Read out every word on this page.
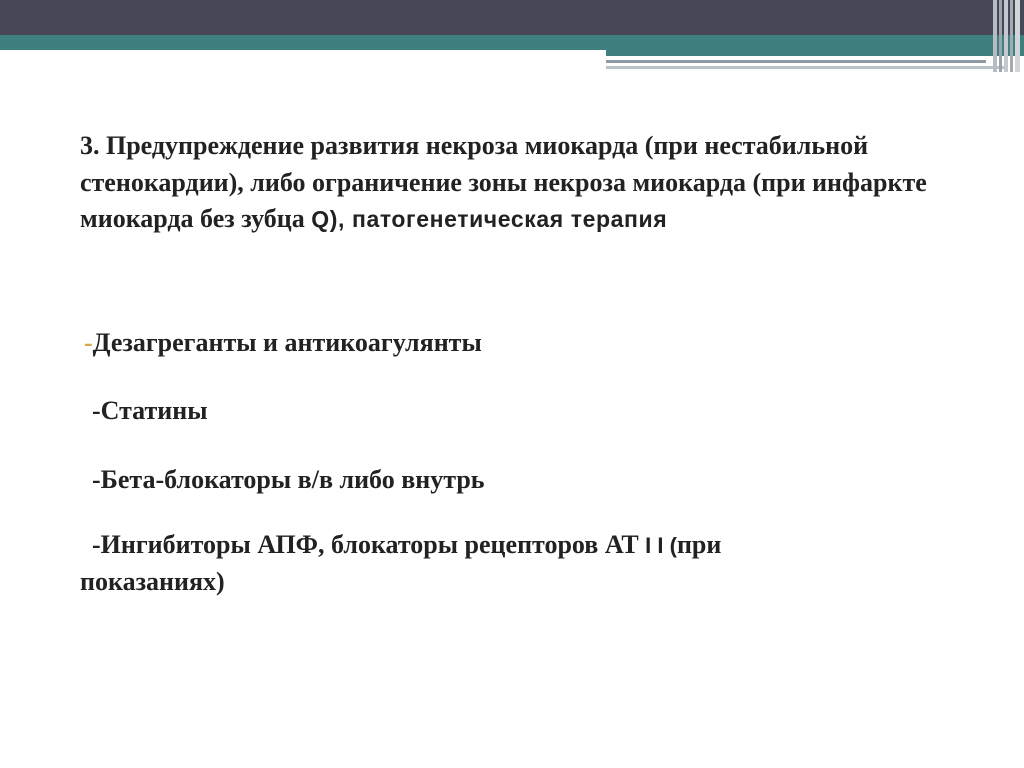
3. Предупреждение развития некроза миокарда (при нестабильной стенокардии), либо ограничение зоны некроза миокарда (при инфаркте миокарда без зубца Q), патогенетическая терапия
-Дезагреганты и антикоагулянты
-Статины
-Бета-блокаторы в/в либо внутрь
-Ингибиторы АПФ, блокаторы рецепторов АТ I I (при показаниях)
